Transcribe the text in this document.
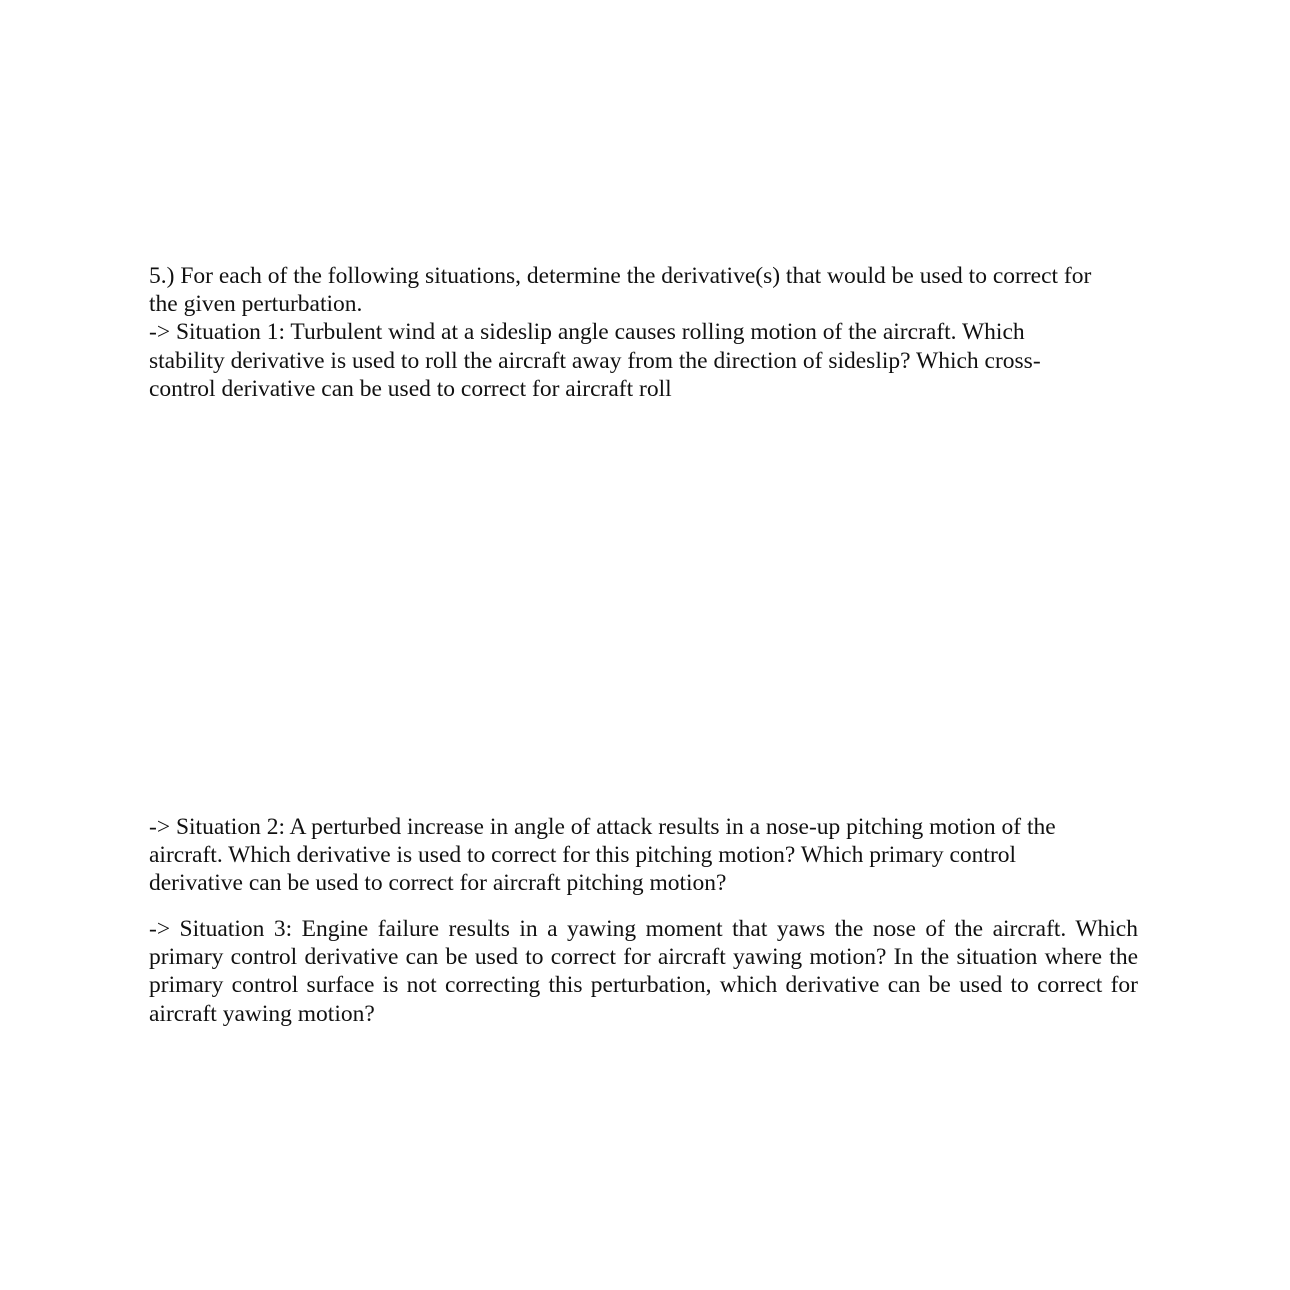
5.) For each of the following situations, determine the derivative(s) that would be used to correct for
the given perturbation.

-> Situation 1: Turbulent wind at a sideslip angle causes rolling motion of the aircraft. Which
stability derivative is used to roll the aircraft away from the direction of sideslip? Which cross-
control derivative can be used to correct for aircraft roll

-> Situation 2: A perturbed increase in angle of attack results in a nose-up pitching motion of the
aircraft. Which derivative is used to correct for this pitching motion? Which primary control
derivative can be used to correct for aircraft pitching motion?

-> Situation 3: Engine failure results in a yawing moment that yaws the nose of the aircraft. Which
primary control derivative can be used to correct for aircraft yawing motion? In the situation where the
primary control surface is not correcting this perturbation, which derivative can be used to correct for
aircraft yawing motion?
